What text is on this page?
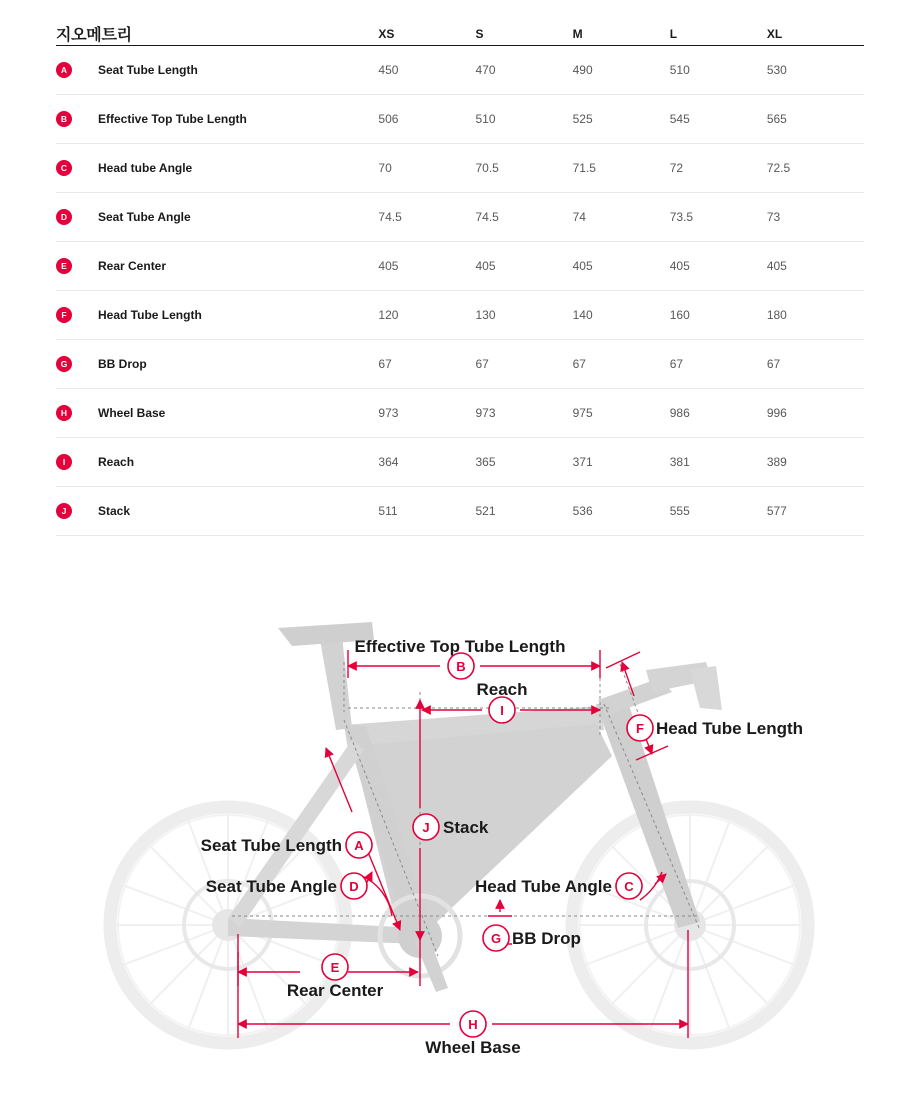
지오메트리	XS	S	M	L	XL

A Seat Tube Length	450	470	490	510	530

B Effective Top Tube Length	506	510	525	545	565

C Head tube Angle	70	70.5	71.5	72	72.5

D Seat Tube Angle	74.5	74.5	74	73.5	73

E Rear Center	405	405	405	405	405

F Head Tube Length	120	130	140	160	180

G BB Drop	67	67	67	67	67

H Wheel Base	973	973	975	986	996

I Reach	364	365	371	381	389

J Stack	511	521	536	555	577
B
I
F
J
A
D	C
G
E
H
Effective Top Tube Length
Reach
Head Tube Length
Stack
Seat Tube Length
Seat Tube Angle	Head Tube Angle
BB Drop
Rear Center
Wheel Base
